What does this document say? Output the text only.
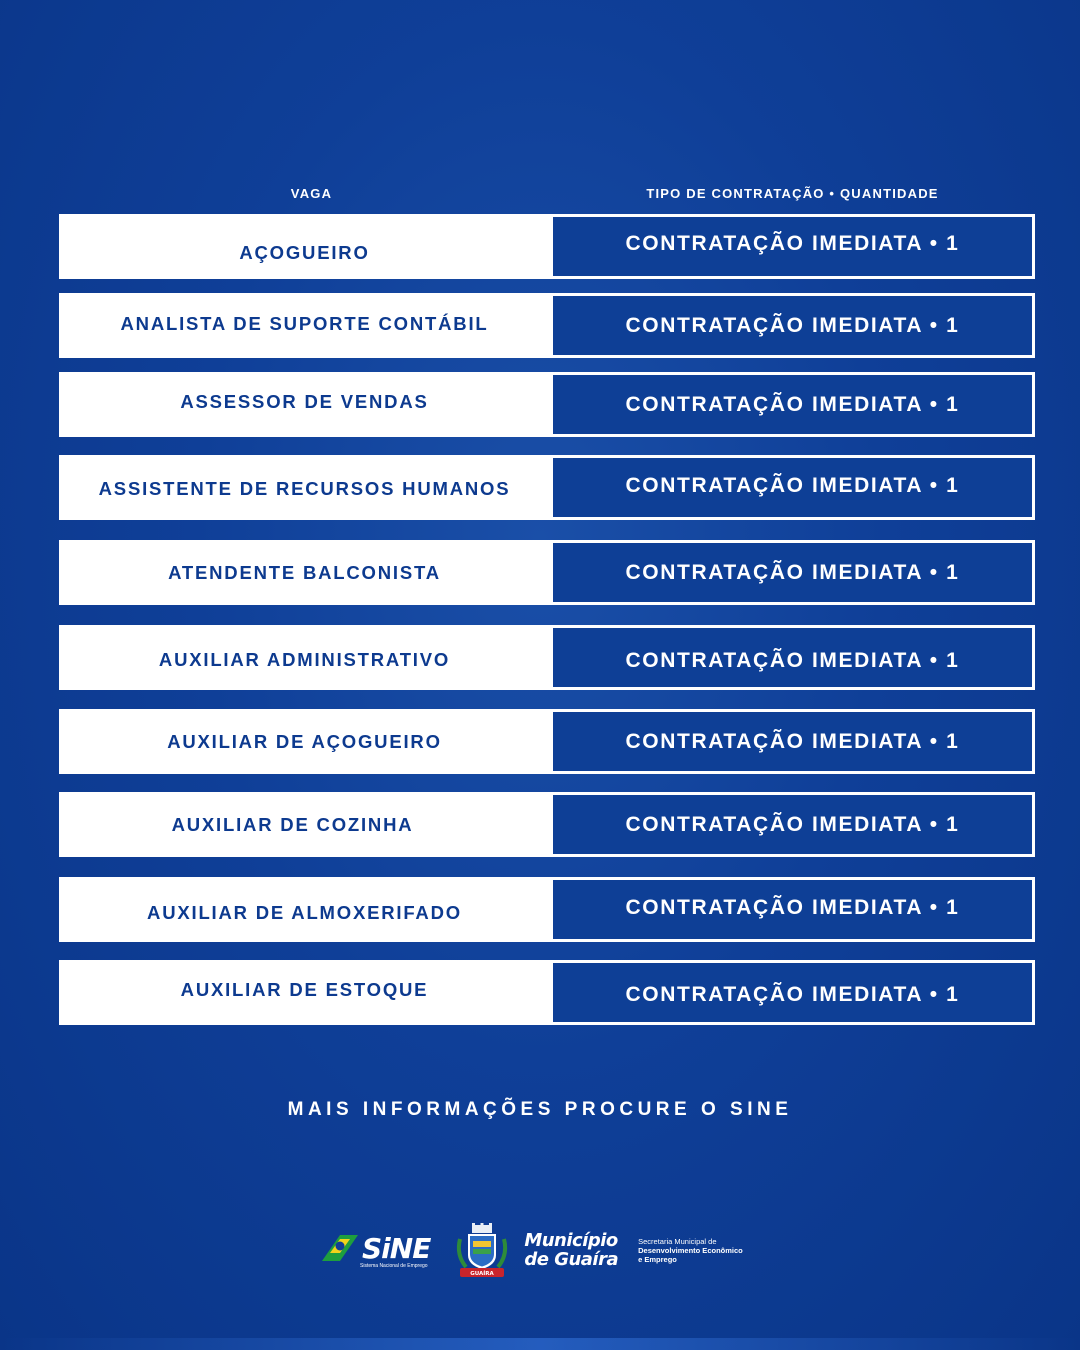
VAGA	TIPO DE CONTRATAÇÃO • QUANTIDADE
AÇOGUEIRO	CONTRATAÇÃO IMEDIATA • 1
ANALISTA DE SUPORTE CONTÁBIL	CONTRATAÇÃO IMEDIATA • 1
ASSESSOR DE VENDAS	CONTRATAÇÃO IMEDIATA • 1
ASSISTENTE DE RECURSOS HUMANOS	CONTRATAÇÃO IMEDIATA • 1
ATENDENTE BALCONISTA	CONTRATAÇÃO IMEDIATA • 1
AUXILIAR ADMINISTRATIVO	CONTRATAÇÃO IMEDIATA • 1
AUXILIAR DE AÇOGUEIRO	CONTRATAÇÃO IMEDIATA • 1
AUXILIAR DE COZINHA	CONTRATAÇÃO IMEDIATA • 1
AUXILIAR DE ALMOXERIFADO	CONTRATAÇÃO IMEDIATA • 1
AUXILIAR DE ESTOQUE	CONTRATAÇÃO IMEDIATA • 1
MAIS INFORMAÇÕES PROCURE O SINE
SiNE
Sistema Nacional de Emprego
GUAÍRA
Município
de Guaíra
Secretaria Municipal de
Desenvolvimento Econômico
e Emprego
